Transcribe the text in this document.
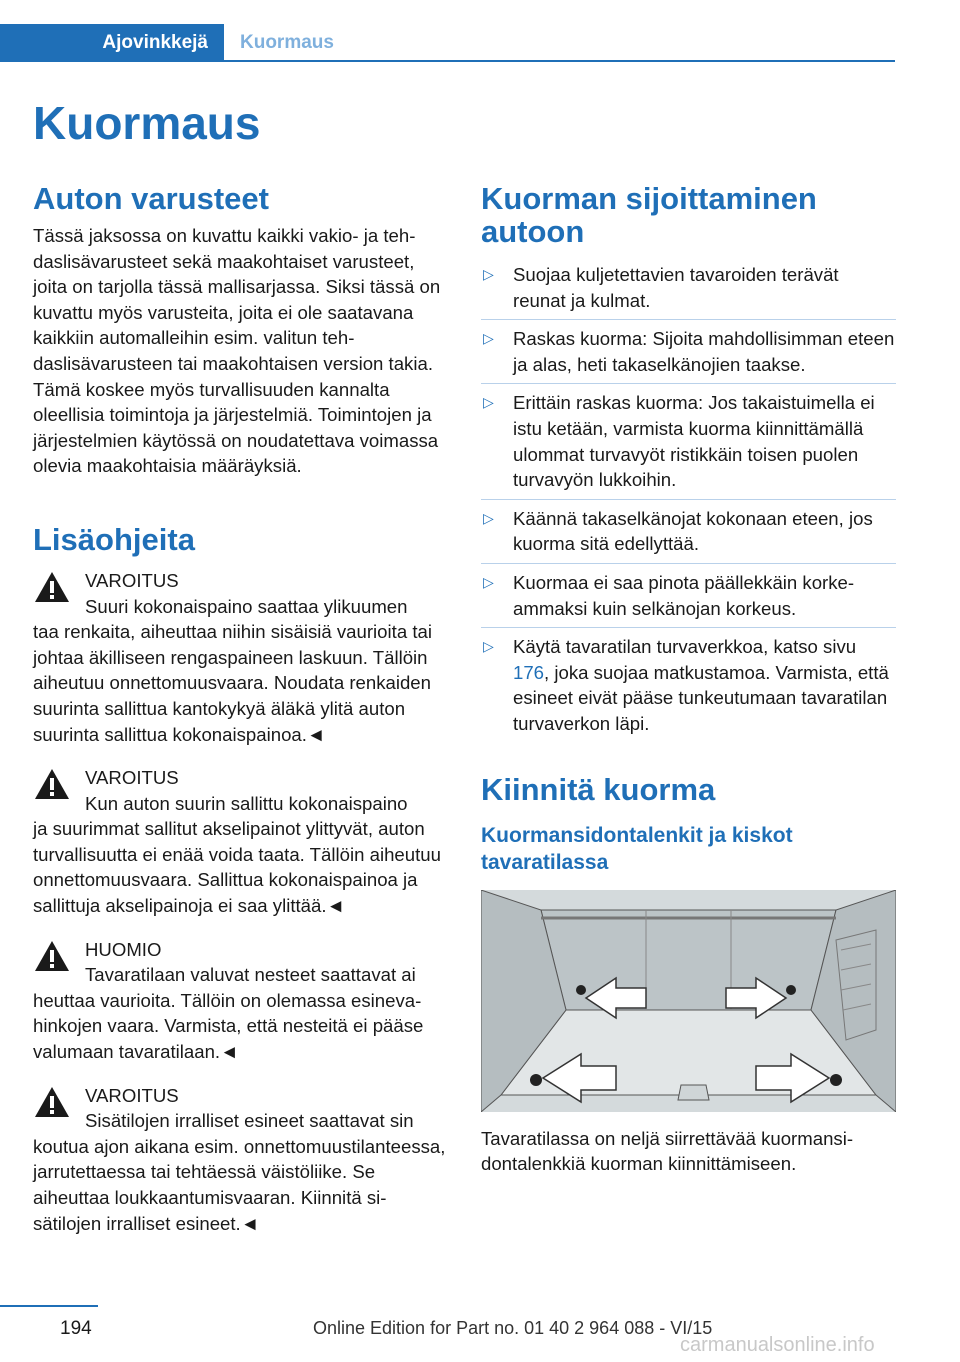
Ajovinkkejä Kuormaus
Kuormaus
Auton varusteet

Tässä jaksossa on kuvattu kaikki vakio- ja tehdaslisävarusteet sekä maakohtaiset varusteet, joita on tarjolla tässä mallisarjassa. Siksi tässä on kuvattu myös varusteita, joita ei ole saatavana kaikkiin automalleihin esim. valitun tehdaslisävarusteen tai maakohtaisen version takia. Tämä koskee myös turvallisuuden kannalta oleellisia toimintoja ja järjestelmiä. Toimintojen ja järjestelmien käytössä on noudatettava voimassa olevia maakohtaisia määräyksiä.

Lisäohjeita
VAROITUS
Suuri kokonaispaino saattaa ylikuumen

taa renkaita, aiheuttaa niihin sisäisiä vaurioita tai johtaa äkilliseen rengaspaineen laskuun. Tällöin aiheutuu onnettomuusvaara. Noudata renkaiden suurinta sallittua kantokykyä äläkä ylitä auton suurinta sallittua kokonaispainoa.◄

VAROITUS
Kun auton suurin sallittu kokonaispaino

ja suurimmat sallitut akselipainot ylittyvät, auton turvallisuutta ei enää voida taata. Tällöin aiheutuu onnettomuusvaara. Sallittua kokonaispainoa ja sallittuja akselipainoja ei saa ylittää.◄

HUOMIO
Tavaratilaan valuvat nesteet saattavat ai

heuttaa vaurioita. Tällöin on olemassa esinevahinkojen vaara. Varmista, että nesteitä ei pääse valumaan tavaratilaan.◄

VAROITUS
Sisätilojen irralliset esineet saattavat sin

koutua ajon aikana esim. onnettomuustilanteessa, jarrutettaessa tai tehtäessä väistöliike. Se aiheuttaa loukkaantumisvaaran. Kiinnitä sisätilojen irralliset esineet.◄

Kuorman sijoittaminen autoon
▷ Suojaa kuljetettavien tavaroiden terävät reunat ja kulmat.
▷ Raskas kuorma: Sijoita mahdollisimman eteen ja alas, heti takaselkänojien taakse.
▷ Erittäin raskas kuorma: Jos takaistuimella ei istu ketään, varmista kuorma kiinnittämällä ulommat turvavyöt ristikkäin toisen puolen turvavyön lukkoihin.
▷ Käännä takaselkänojat kokonaan eteen, jos kuorma sitä edellyttää.
▷ Kuormaa ei saa pinota päällekkäin korkeammaksi kuin selkänojan korkeus.
▷ Käytä tavaratilan turvaverkkoa, katso sivu 176, joka suojaa matkustamoa. Varmista, että esineet eivät pääse tunkeutumaan tavaratilan turvaverkon läpi.
Kiinnitä kuorma
Kuormansidontalenkit ja kiskot tavaratilassa

Tavaratilassa on neljä siirrettävää kuormansidontalenkkiä kuorman kiinnittämiseen.

194	Online Edition for Part no. 01 40 2 964 088 - VI/15
carmanualsonline.info
